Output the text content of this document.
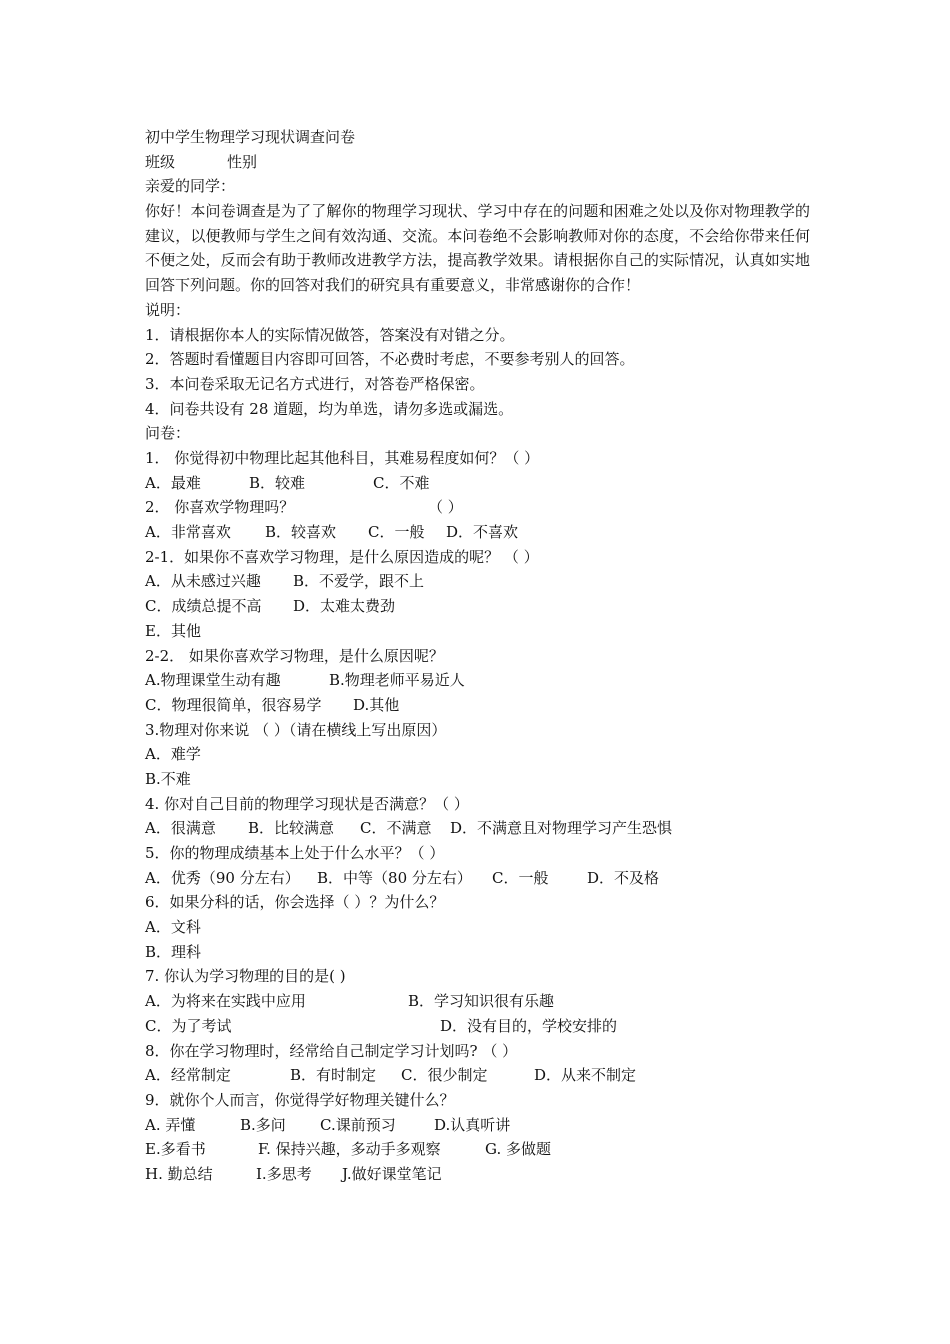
初中学生物理学习现状调查问卷
班级	性别
亲爱的同学：
你好！本问卷调查是为了了解你的物理学习现状、学习中存在的问题和困难之处以及你对物理教学的建议，以便教师与学生之间有效沟通、交流。本问卷绝不会影响教师对你的态度，不会给你带来任何不便之处，反而会有助于教师改进教学方法，提高教学效果。请根据你自己的实际情况，认真如实地回答下列问题。你的回答对我们的研究具有重要意义，非常感谢你的合作！
说明：
1．请根据你本人的实际情况做答，答案没有对错之分。
2．答题时看懂题目内容即可回答，不必费时考虑，不要参考别人的回答。
3．本问卷采取无记名方式进行，对答卷严格保密。
4．问卷共设有 28 道题，均为单选，请勿多选或漏选。
问卷：
1． 你觉得初中物理比起其他科目，其难易程度如何？（ ）
A．最难	B．较难	C．不难
2． 你喜欢学物理吗？	（ ）
A．非常喜欢 B．较喜欢 C．一般 D．不喜欢
2-1．如果你不喜欢学习物理，是什么原因造成的呢？ （ ）
A．从未感过兴趣 B．不爱学，跟不上
C．成绩总提不高 D．太难太费劲
E．其他
2-2． 如果你喜欢学习物理，是什么原因呢？
A.物理课堂生动有趣	B.物理老师平易近人
C．物理很简单，很容易学 D.其他
3.物理对你来说 （ ）（请在横线上写出原因）
A．难学
B.不难
4. 你对自己目前的物理学习现状是否满意？（ ）
A．很满意 B．比较满意 C．不满意 D．不满意且对物理学习产生恐惧
5．你的物理成绩基本上处于什么水平？（ ）
A．优秀（90 分左右） B．中等（80 分左右） C．一般	D．不及格
6．如果分科的话，你会选择（ ）？为什么？
A．文科
B．理科
7. 你认为学习物理的目的是( )
A．为将来在实践中应用	B．学习知识很有乐趣
C．为了考试	D．没有目的，学校安排的
8．你在学习物理时，经常给自己制定学习计划吗? （ ）
A．经常制定	B．有时制定 C．很少制定	D．从来不制定
9．就你个人而言，你觉得学好物理关键什么？
A. 弄懂	B.多问 C.课前预习	D.认真听讲
E.多看书	F. 保持兴趣，多动手多观察	G. 多做题
H. 勤总结	I.多思考 J.做好课堂笔记
